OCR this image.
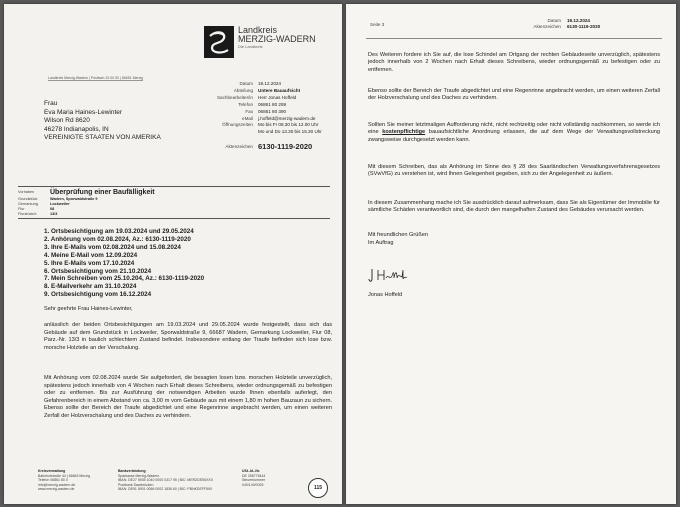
Landkreis
MERZIG-WADERN
Die Landkreis
Landkreis Merzig-Wadern | Postfach 10 00 00 | 66651 Merzig
Frau
Eva Maria Haines-Lewinter
Wilson Rd 8620
46278 Indianapolis, IN
VEREINIGTE STAATEN VON AMERIKA
Datum	19.12.2024
Abteilung	Untere Bauaufsicht
Sachbearbeiter/in	Herr Jonas Hoffeld
Telefon	06861 80 259
Fax	06861 80 390
eMail	j.hoffeld@merzig-wadern.de
Öffnungszeiten	Mo bis Fr 08.30 bis 12.00 Uhr
Mo und Do 13.30 bis 15.30 Uhr
Aktenzeichen 6130-1119-2020
Vorhaben	Überprüfung einer Baufälligkeit
Grundstück	Wadern, Sporwaldstraße 9
Gemarkung	Lockweiler
Flur	08
Flurstück/e	13/3
1. Ortsbesichtigung am 19.03.2024 und 29.05.2024
2. Anhörung vom 02.08.2024, Az.: 6130-1119-2020
3. Ihre E-Mails vom 02.08.2024 und 15.08.2024
4. Meine E-Mail vom 12.09.2024
5. Ihre E-Mails vom 17.10.2024
6. Ortsbesichtigung vom 21.10.2024
7. Mein Schreiben vom 25.10.204, Az.: 6130-1119-2020
8. E-Mailverkehr am 31.10.2024
9. Ortsbesichtigung vom 16.12.2024

Sehr geehrte Frau Haines-Lewinter,

anlässlich der beiden Ortsbesichtigungen am 19.03.2024 und 29.05.2024 wurde festgestellt, dass sich das Gebäude auf dem Grundstück in Lockweiler, Sporwaldstraße 9, 66687 Wadern, Gemarkung Lockweiler, Flur 08, Parz.-Nr. 13/3 in baulich schlechtem Zustand befindet. Insbesondere entlang der Traufe befinden sich lose bzw. morsche Holzteile an der Verschalung.

Mit Anhörung vom 02.08.2024 wurde Sie aufgefordert, die besagten losen bzw. morschen Holzteile unverzüglich, spätestens jedoch innerhalb von 4 Wochen nach Erhalt dieses Schreibens, wieder ordnungsgemäß zu befestigen oder zu entfernen. Bis zur Ausführung der notwendigen Arbeiten wurde Ihnen ebenfalls auferlegt, den Gefahrenbereich in einem Abstand von ca. 3,00 m vom Gebäude aus mit einem 1,80 m hohen Bauzaun zu sichern. Ebenso sollte der Bereich der Traufe abgedichtet und eine Regenrinne angebracht werden, um einen weiteren Zerfall der Holzverschalung und des Daches zu verhindern.

Kreisverwaltung
Bahnhofstraße 44 | 66663 Merzig
Telefon 06861 80 0
info@merzig-wadern.de
www.merzig-wadern.de
Bankverbindung
Sparkasse Merzig-Wadern
IBAN: DE27 5935 1040 0000 0317 95 | BIC: MERZDE55XXX
Postbank Saarbrücken
IBAN: DE91 5901 0066 0002 1836 60 | BIC: PBNKDEFF590
USt.-Id.-Nr.
DE 255776444
Steuernummer
040/140/0025
115
Seite 3
Datum	19.12.2024
Aktenzeichen	6130-1119-2020

Des Weiteren fordere ich Sie auf, die lose Schindel am Ortgang der rechten Gebäudeseite unverzüglich, spätestens jedoch innerhalb von 2 Wochen nach Erhalt dieses Schreibens, wieder ordnungsgemäß zu befestigen oder zu entfernen.

Ebenso sollte der Bereich der Traufe abgedichtet und eine Regenrinne angebracht werden, um einen weiteren Zerfall der Holzverschalung und des Daches zu verhindern.

Sollten Sie meiner letztmaligen Aufforderung nicht, nicht rechtzeitig oder nicht vollständig nachkommen, so werde ich eine kostenpflichtige bauaufsichtliche Anordnung erlassen, die auf dem Wege der Verwaltungsvollstreckung zwangsweise durchgesetzt werden kann.

Mit diesem Schreiben, das als Anhörung im Sinne des § 28 des Saarländischen Verwaltungsverfahrensgesetzes (SVwVfG) zu verstehen ist, wird Ihnen Gelegenheit gegeben, sich zu der Angelegenheit zu äußern.

In diesem Zusammenhang mache ich Sie ausdrücklich darauf aufmerksam, dass Sie als Eigentümer der Immobilie für sämtliche Schäden verantwortlich sind, die durch den mangelhaften Zustand des Gebäudes verursacht werden.

Mit freundlichen Grüßen

Im Auftrag

Jonas Hoffeld
